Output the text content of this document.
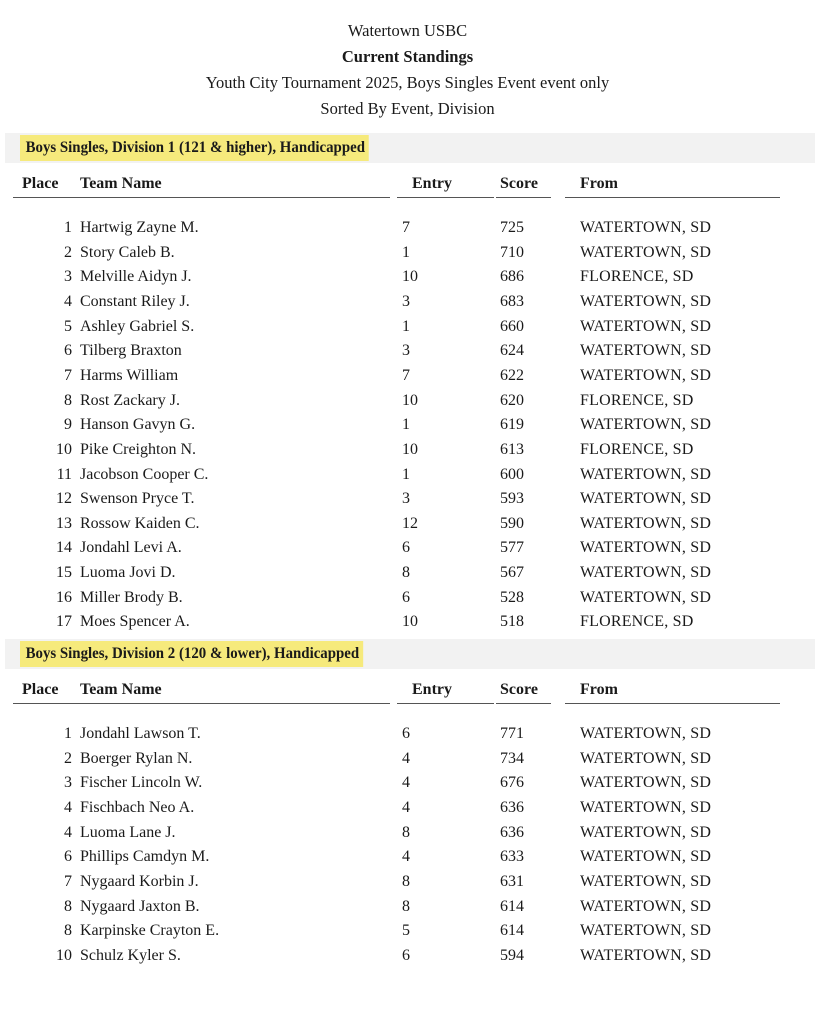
Watertown USBC
Current Standings
Youth City Tournament 2025, Boys Singles Event event only
Sorted By Event, Division
Boys Singles, Division 1 (121 & higher), Handicapped
Place Team Name	Entry	Score	From
1 Hartwig Zayne M.	7	725	WATERTOWN, SD
2 Story Caleb B.	1	710	WATERTOWN, SD
3 Melville Aidyn J.	10	686	FLORENCE, SD
4 Constant Riley J.	3	683	WATERTOWN, SD
5 Ashley Gabriel S.	1	660	WATERTOWN, SD
6 Tilberg Braxton	3	624	WATERTOWN, SD
7 Harms William	7	622	WATERTOWN, SD
8 Rost Zackary J.	10	620	FLORENCE, SD
9 Hanson Gavyn G.	1	619	WATERTOWN, SD
10 Pike Creighton N.	10	613	FLORENCE, SD
11 Jacobson Cooper C.	1	600	WATERTOWN, SD
12 Swenson Pryce T.	3	593	WATERTOWN, SD
13 Rossow Kaiden C.	12	590	WATERTOWN, SD
14 Jondahl Levi A.	6	577	WATERTOWN, SD
15 Luoma Jovi D.	8	567	WATERTOWN, SD
16 Miller Brody B.	6	528	WATERTOWN, SD
17 Moes Spencer A.	10	518	FLORENCE, SD
Boys Singles, Division 2 (120 & lower), Handicapped
Place Team Name	Entry	Score	From
1 Jondahl Lawson T.	6	771	WATERTOWN, SD
2 Boerger Rylan N.	4	734	WATERTOWN, SD
3 Fischer Lincoln W.	4	676	WATERTOWN, SD
4 Fischbach Neo A.	4	636	WATERTOWN, SD
4 Luoma Lane J.	8	636	WATERTOWN, SD
6 Phillips Camdyn M.	4	633	WATERTOWN, SD
7 Nygaard Korbin J.	8	631	WATERTOWN, SD
8 Nygaard Jaxton B.	8	614	WATERTOWN, SD
8 Karpinske Crayton E.	5	614	WATERTOWN, SD
10 Schulz Kyler S.	6	594	WATERTOWN, SD
